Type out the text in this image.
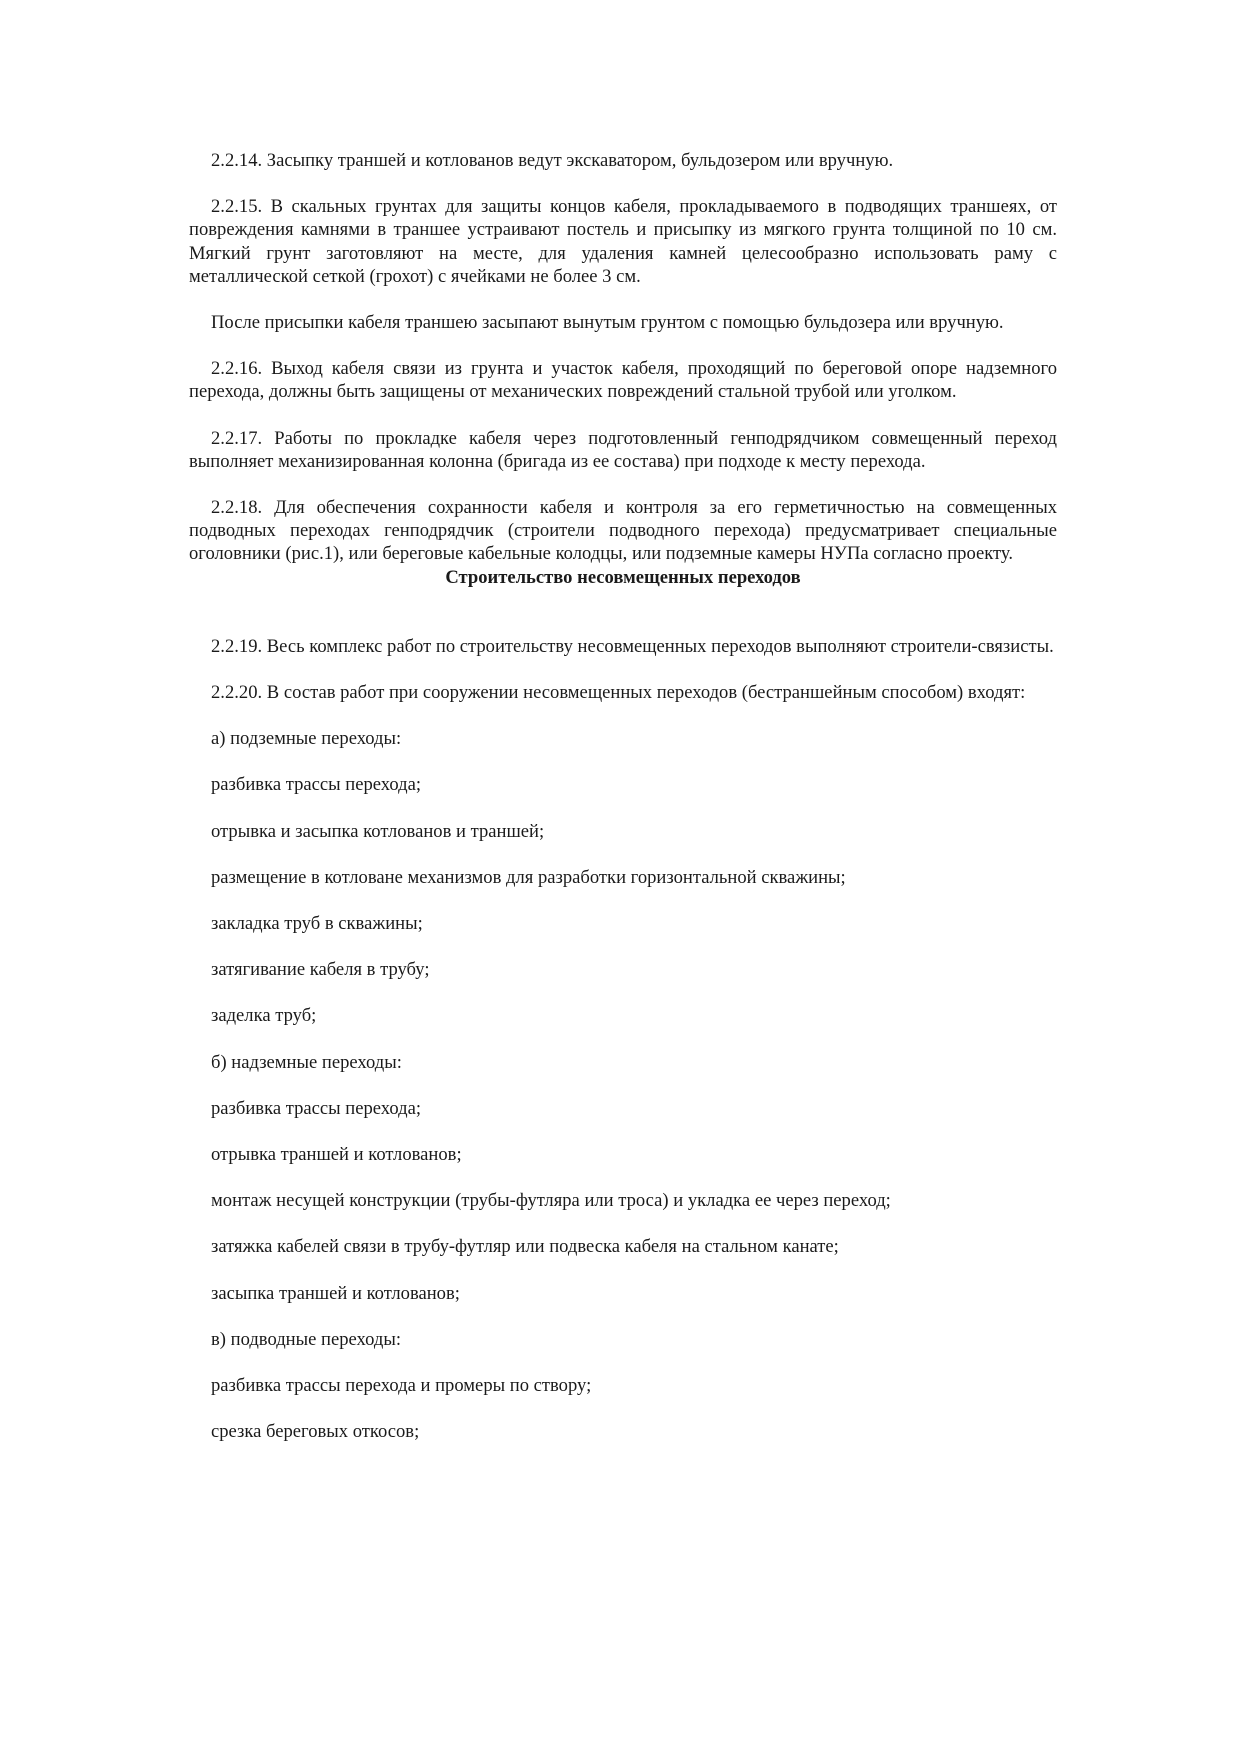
2.2.14. Засыпку траншей и котлованов ведут экскаватором, бульдозером или вручную.

2.2.15. В скальных грунтах для защиты концов кабеля, прокладываемого в подводящих траншеях, от повреждения камнями в траншее устраивают постель и присыпку из мягкого грунта толщиной по 10 см. Мягкий грунт заготовляют на месте, для удаления камней целесообразно использовать раму с металлической сеткой (грохот) с ячейками не более 3 см.

После присыпки кабеля траншею засыпают вынутым грунтом с помощью бульдозера или вручную.

2.2.16. Выход кабеля связи из грунта и участок кабеля, проходящий по береговой опоре надземного перехода, должны быть защищены от механических повреждений стальной трубой или уголком.

2.2.17. Работы по прокладке кабеля через подготовленный генподрядчиком совмещенный переход выполняет механизированная колонна (бригада из ее состава) при подходе к месту перехода.

2.2.18. Для обеспечения сохранности кабеля и контроля за его герметичностью на совмещенных подводных переходах генподрядчик (строители подводного перехода) предусматривает специальные оголовники (рис.1), или береговые кабельные колодцы, или подземные камеры НУПа согласно проекту.

Строительство несовмещенных переходов

2.2.19. Весь комплекс работ по строительству несовмещенных переходов выполняют строители-связисты.

2.2.20. В состав работ при сооружении несовмещенных переходов (бестраншейным способом) входят:

а) подземные переходы:

разбивка трассы перехода;

отрывка и засыпка котлованов и траншей;

размещение в котловане механизмов для разработки горизонтальной скважины;

закладка труб в скважины;

затягивание кабеля в трубу;

заделка труб;

б) надземные переходы:

разбивка трассы перехода;

отрывка траншей и котлованов;

монтаж несущей конструкции (трубы-футляра или троса) и укладка ее через переход;

затяжка кабелей связи в трубу-футляр или подвеска кабеля на стальном канате;

засыпка траншей и котлованов;

в) подводные переходы:

разбивка трассы перехода и промеры по створу;

срезка береговых откосов;
